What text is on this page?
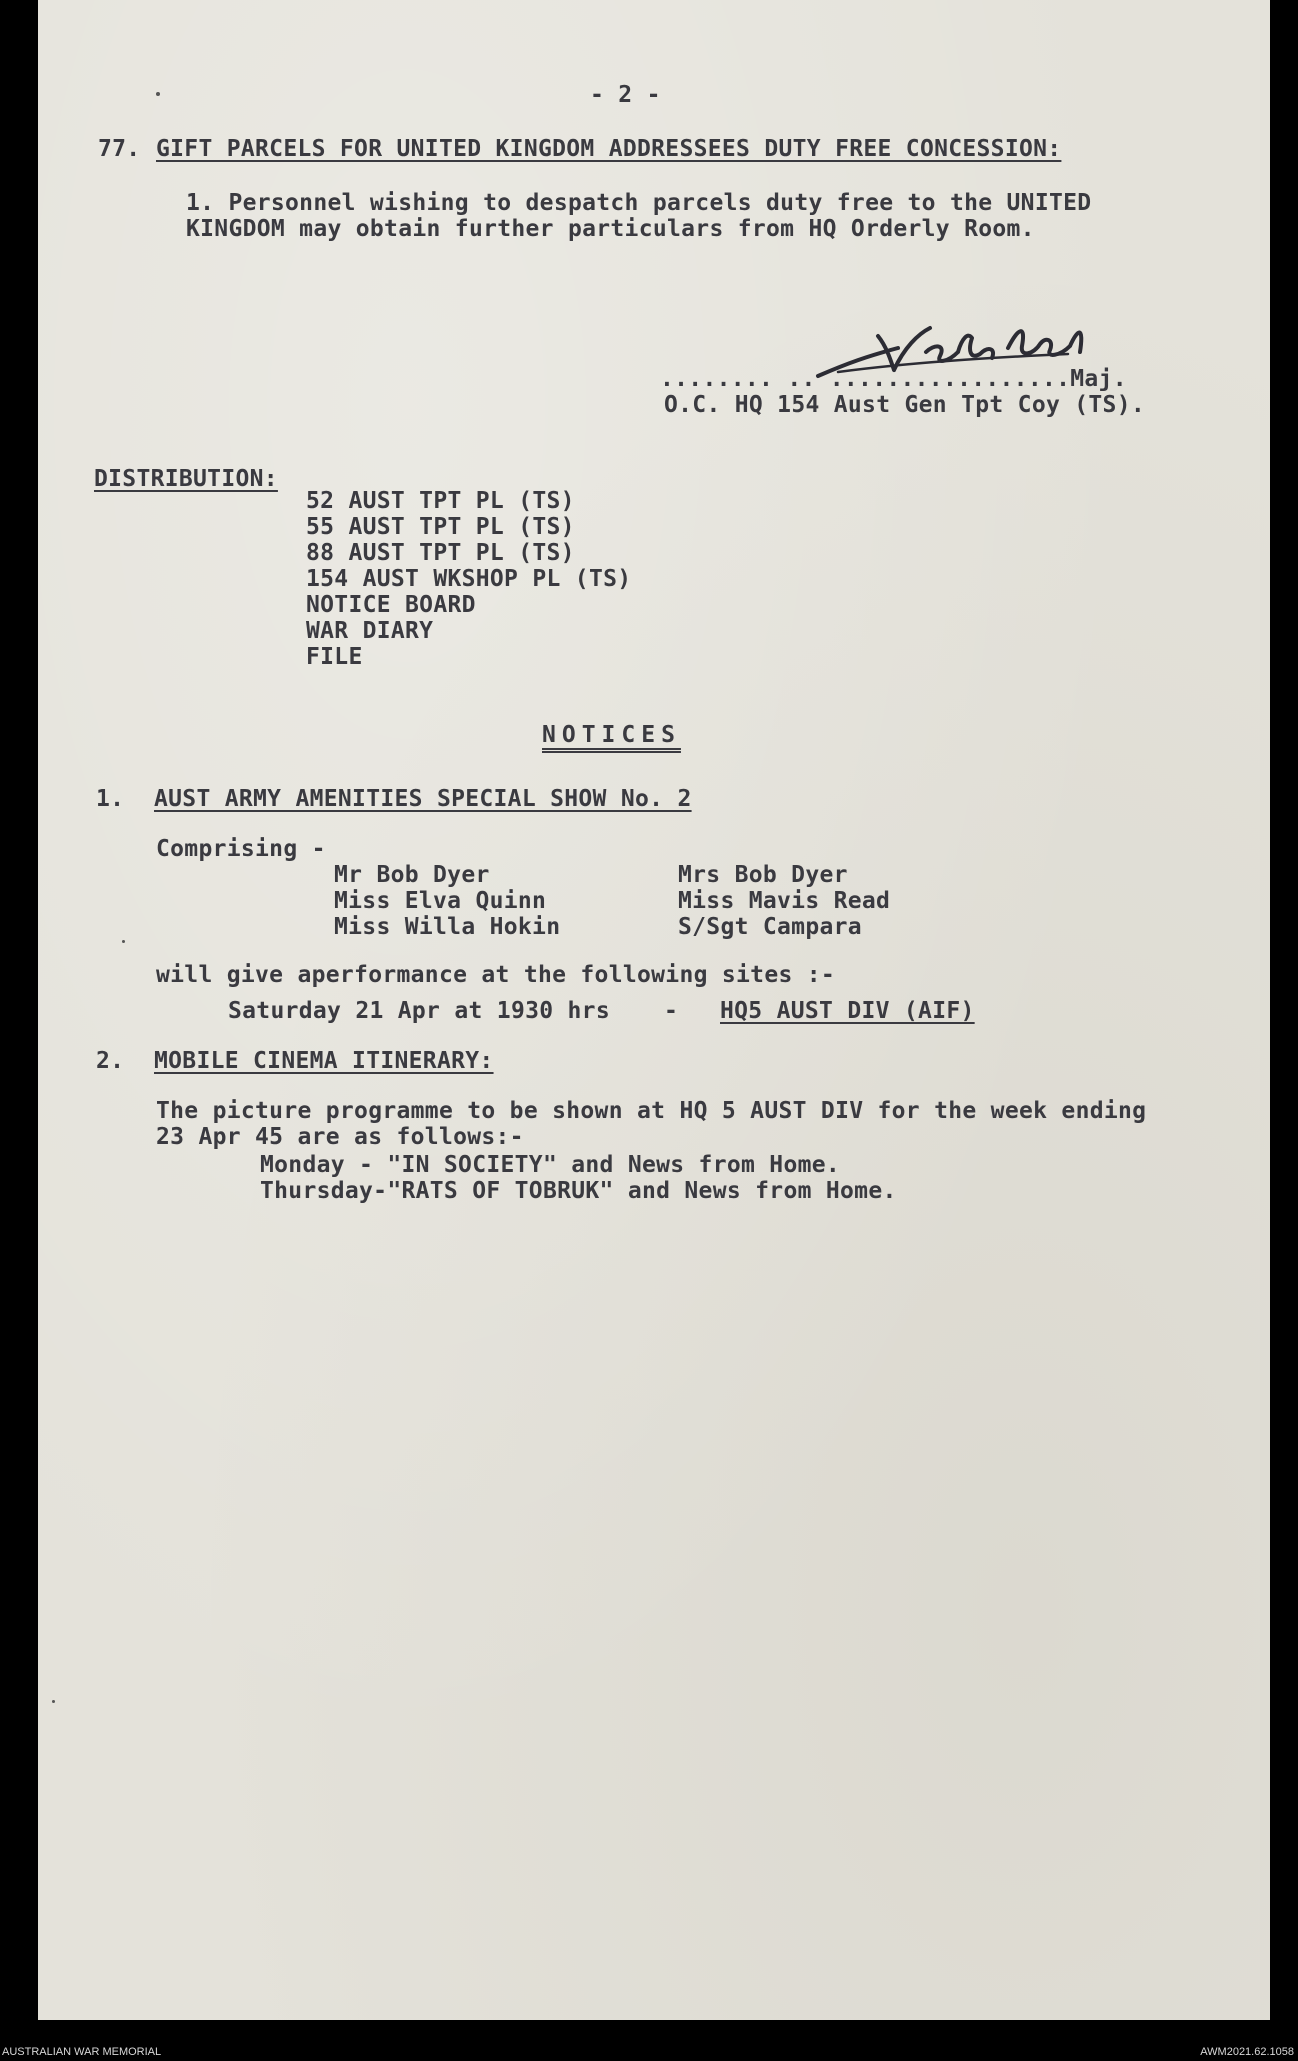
- 2 -
77. GIFT PARCELS FOR UNITED KINGDOM ADDRESSEES DUTY FREE CONCESSION:
1. Personnel wishing to despatch parcels duty free to the UNITED
KINGDOM may obtain further particulars from HQ Orderly Room.
........ .. .................Maj.
O.C. HQ 154 Aust Gen Tpt Coy (TS).
DISTRIBUTION:
52 AUST TPT PL (TS)
55 AUST TPT PL (TS)
88 AUST TPT PL (TS)
154 AUST WKSHOP PL (TS)
NOTICE BOARD
WAR DIARY
FILE
NOTICES
1. AUST ARMY AMENITIES SPECIAL SHOW No. 2
Comprising -
Mr Bob Dyer
Miss Elva Quinn
Miss Willa Hokin
Mrs Bob Dyer
Miss Mavis Read
S/Sgt Campara
will give aperformance at the following sites :-
Saturday 21 Apr at 1930 hrs - HQ5 AUST DIV (AIF)
2. MOBILE CINEMA ITINERARY:
The picture programme to be shown at HQ 5 AUST DIV for the week ending
23 Apr 45 are as follows:-
Monday - "IN SOCIETY" and News from Home.
Thursday-"RATS OF TOBRUK" and News from Home.
AUSTRALIAN WAR MEMORIAL	AWM2021.62.1058
